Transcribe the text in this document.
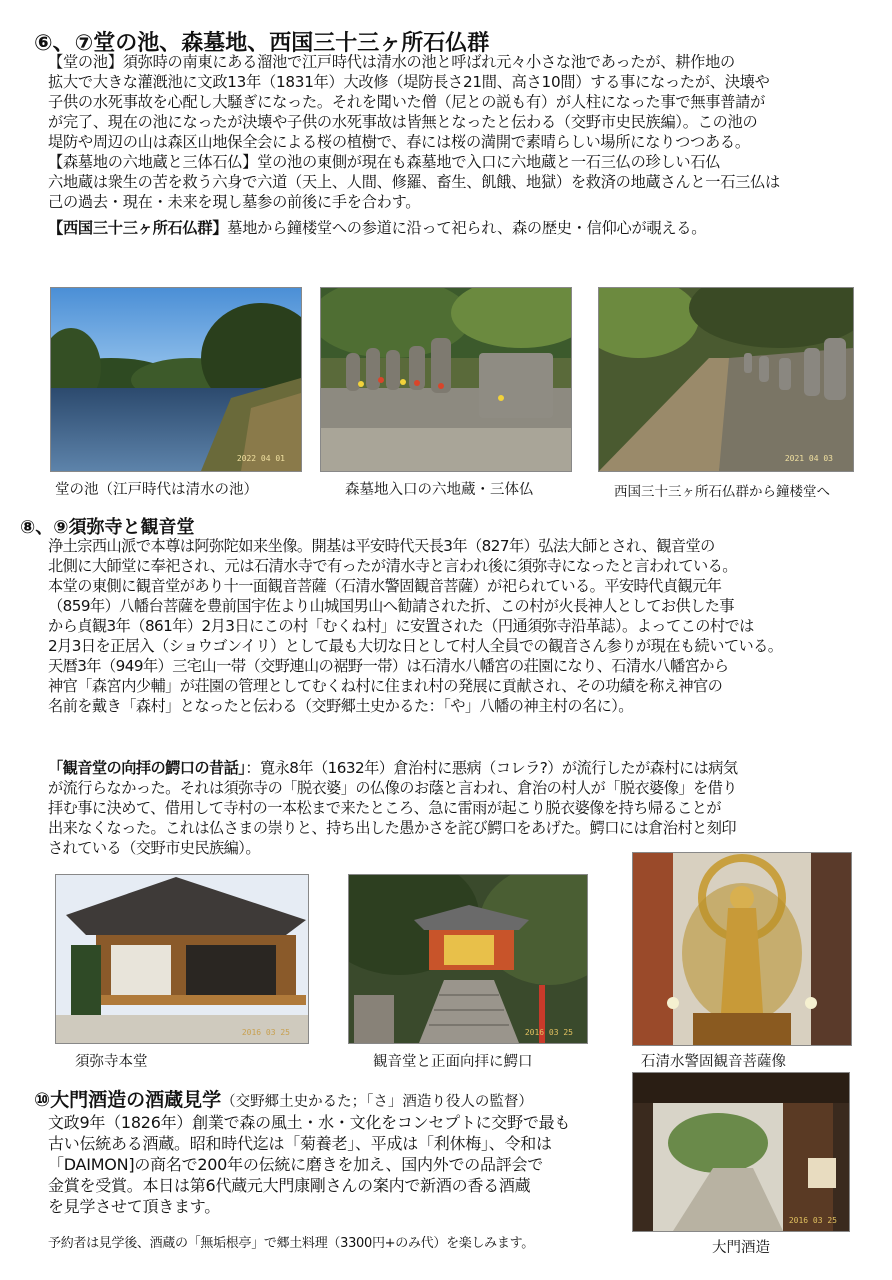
⑥、⑦堂の池、森墓地、西国三十三ヶ所石仏群
【堂の池】須弥時の南東にある溜池で江戸時代は清水の池と呼ばれ元々小さな池であったが、耕作地の
拡大で大きな灌漑池に文政13年（1831年）大改修（堤防長さ21間、高さ10間）する事になったが、決壊や
子供の水死事故を心配し大騒ぎになった。それを聞いた僧（尼との説も有）が人柱になった事で無事普請が
が完了、現在の池になったが決壊や子供の水死事故は皆無となったと伝わる（交野市史民族編）。この池の
堤防や周辺の山は森区山地保全会による桜の植樹で、春には桜の満開で素晴らしい場所になりつつある。
【森墓地の六地蔵と三体石仏】堂の池の東側が現在も森墓地で入口に六地蔵と一石三仏の珍しい石仏
六地蔵は衆生の苦を救う六身で六道（天上、人間、修羅、畜生、飢餓、地獄）を救済の地蔵さんと一石三仏は
己の過去・現在・未来を現し墓参の前後に手を合わす。
【西国三十三ヶ所石仏群】墓地から鐘楼堂への参道に沿って祀られ、森の歴史・信仰心が覗える。
2022 04 01
堂の池（江戸時代は清水の池）	森墓地入口の六地蔵・三体仏
2021 04 03
西国三十三ヶ所石仏群から鐘楼堂へ
⑧、⑨須弥寺と観音堂
浄土宗西山派で本尊は阿弥陀如来坐像。開基は平安時代天長3年（827年）弘法大師とされ、観音堂の
北側に大師堂に奉祀され、元は石清水寺で有ったが清水寺と言われ後に須弥寺になったと言われている。
本堂の東側に観音堂があり十一面観音菩薩（石清水警固観音菩薩）が祀られている。平安時代貞観元年
（859年）八幡台菩薩を豊前国宇佐より山城国男山へ勧請された折、この村が火長神人としてお供した事
から貞観3年（861年）2月3日にこの村「むくね村」に安置された（円通須弥寺沿革誌）。よってこの村では
2月3日を正居入（ショウゴンイリ）として最も大切な日として村人全員での観音さん参りが現在も続いている。
天暦3年（949年）三宅山一帯（交野連山の裾野一帯）は石清水八幡宮の荘園になり、石清水八幡宮から
神官「森宮内少輔」が荘園の管理としてむくね村に住まれ村の発展に貢献され、その功績を称え神官の
名前を戴き「森村」となったと伝わる（交野郷土史かるた：「や」八幡の神主村の名に）。
「観音堂の向拝の鰐口の昔話」：寛永8年（1632年）倉治村に悪病（コレラ?）が流行したが森村には病気
が流行らなかった。それは須弥寺の「脱衣婆」の仏像のお蔭と言われ、倉治の村人が「脱衣婆像」を借り
拝む事に決めて、借用して寺村の一本松まで来たところ、急に雷雨が起こり脱衣婆像を持ち帰ることが
出来なくなった。これは仏さまの崇りと、持ち出した愚かさを詫び鰐口をあげた。鰐口には倉治村と刻印
されている（交野市史民族編）。
2016 03 25
須弥寺本堂
2016 03 25
観音堂と正面向拝に鰐口	石清水警固観音菩薩像
⑩大門酒造の酒蔵見学（交野郷土史かるた；「さ」酒造り役人の監督）
文政9年（1826年）創業で森の風土・水・文化をコンセプトに交野で最も
古い伝統ある酒蔵。昭和時代迄は「菊養老」、平成は「利休梅」、令和は
「DAIMON]の商名で200年の伝統に磨きを加え、国内外での品評会で
金賞を受賞。本日は第6代蔵元大門康剛さんの案内で新酒の香る酒蔵
を見学させて頂きます。
予約者は見学後、酒蔵の「無垢根亭」で郷土料理（3300円+のみ代）を楽しみます。
2016 03 25
大門酒造
